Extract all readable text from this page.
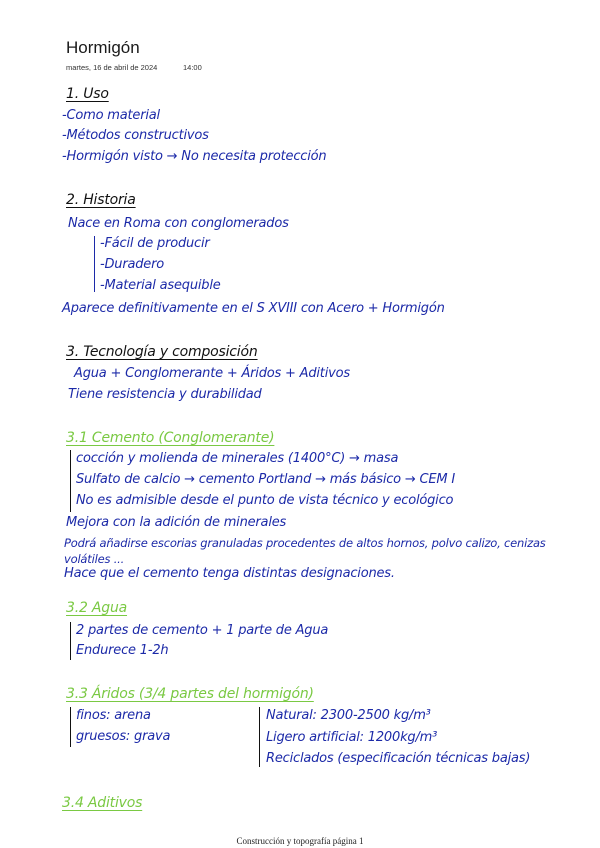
Hormigón
martes, 16 de abril de 2024	14:00
1. Uso
-Como material
-Métodos constructivos
-Hormigón visto → No necesita protección
2. Historia
Nace en Roma con conglomerados
-Fácil de producir
-Duradero
-Material asequible
Aparece definitivamente en el S XVIII con Acero + Hormigón
3. Tecnología y composición
Agua + Conglomerante + Áridos + Aditivos
Tiene resistencia y durabilidad
3.1 Cemento (Conglomerante)
cocción y molienda de minerales (1400°C) → masa
Sulfato de calcio → cemento Portland → más básico → CEM I
No es admisible desde el punto de vista técnico y ecológico
Mejora con la adición de minerales
Podrá añadirse escorias granuladas procedentes de altos hornos, polvo calizo, cenizas
volátiles ...
Hace que el cemento tenga distintas designaciones.
3.2 Agua
2 partes de cemento + 1 parte de Agua
Endurece 1-2h
3.3 Áridos (3/4 partes del hormigón)
finos: arena
gruesos: grava
Natural: 2300-2500 kg/m³
Ligero artificial: 1200kg/m³
Reciclados (especificación técnicas bajas)
3.4 Aditivos
Construcción y topografía página 1
